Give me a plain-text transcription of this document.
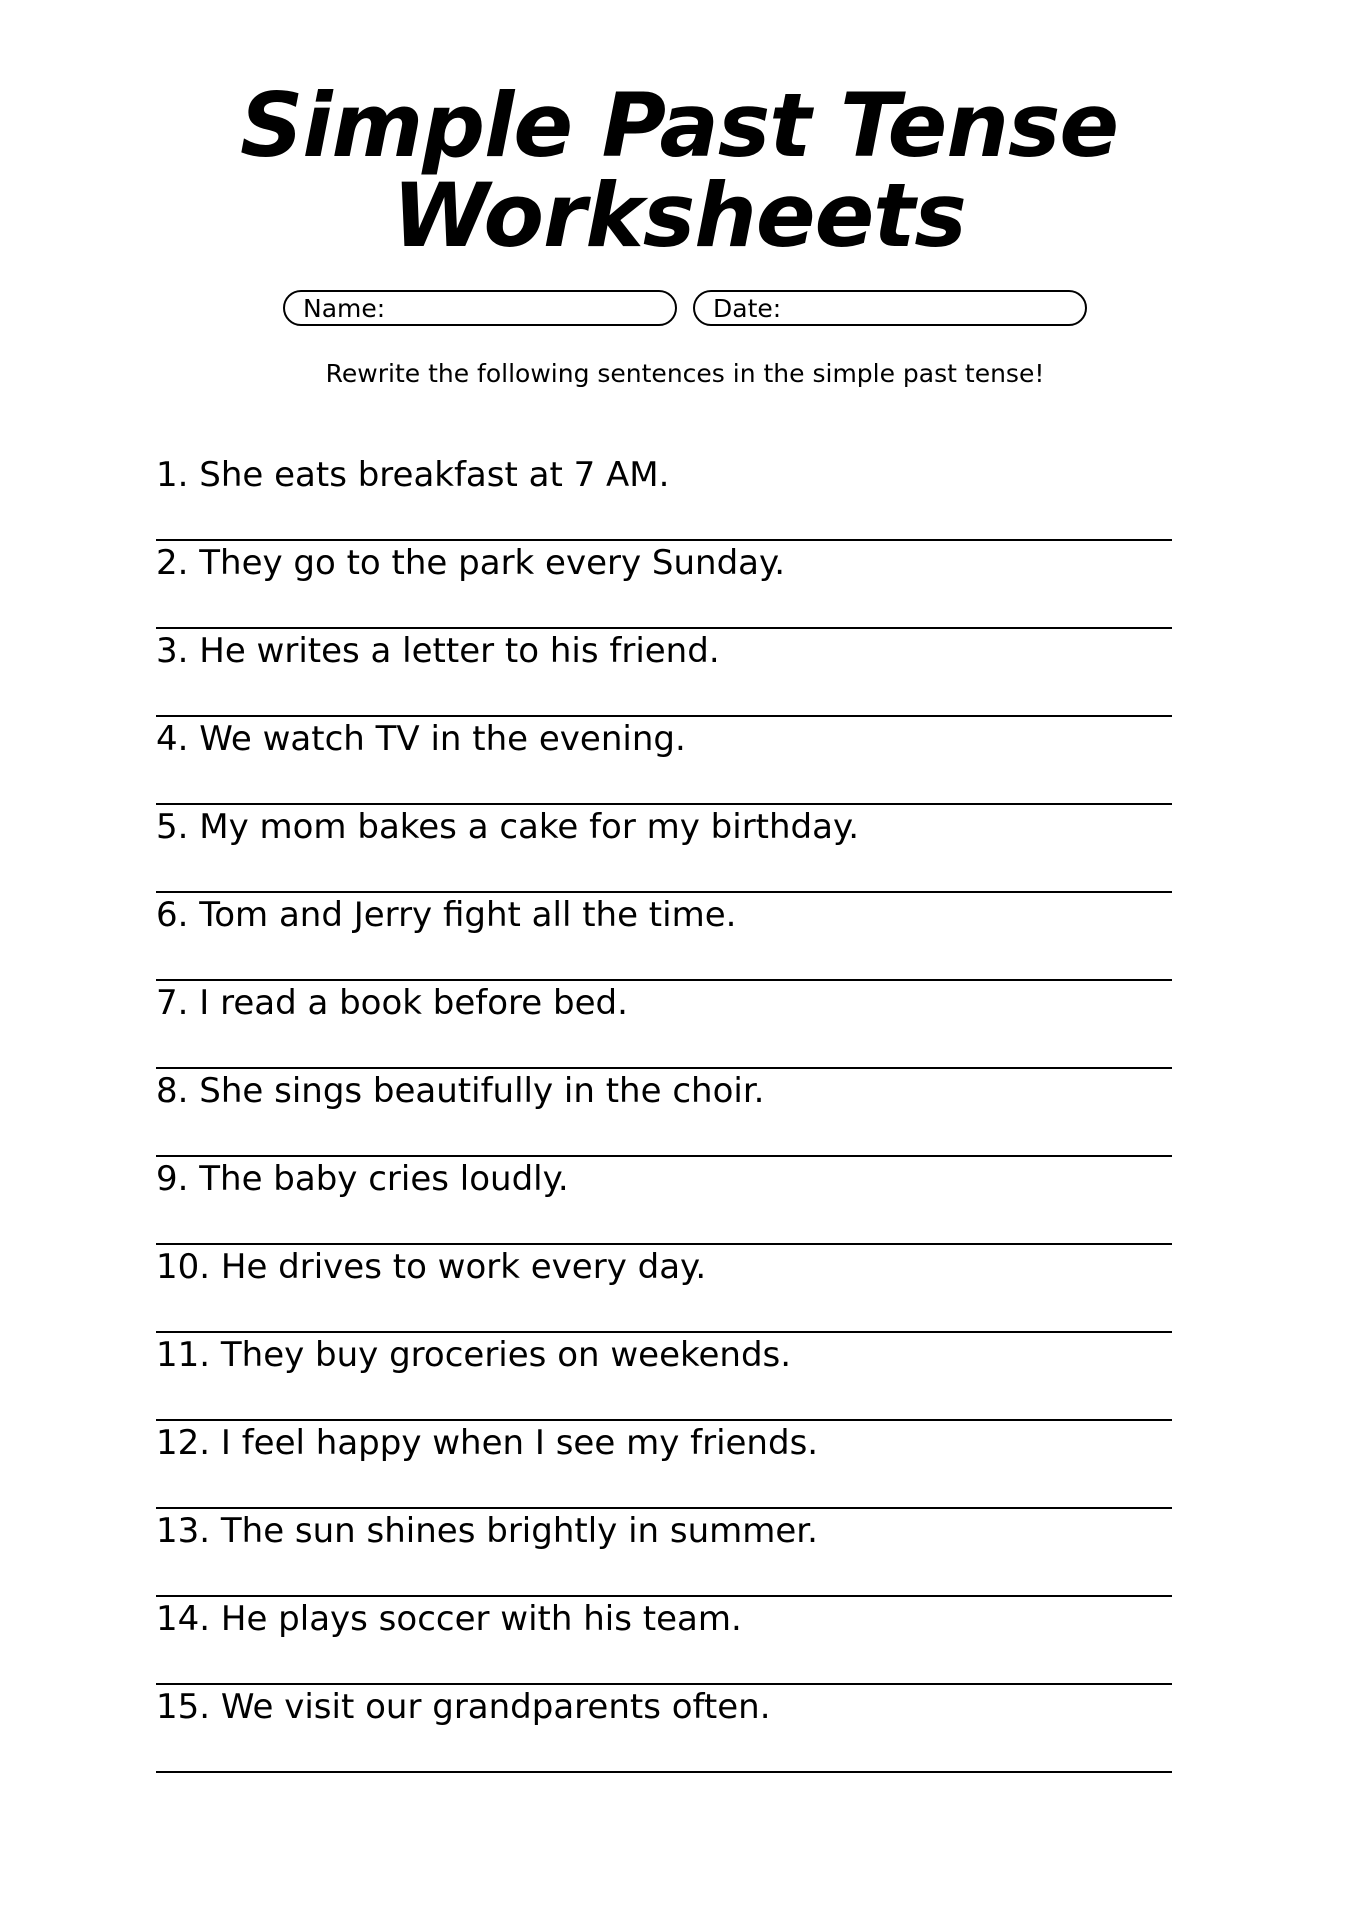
Simple Past Tense
Worksheets
Name:	Date:
Rewrite the following sentences in the simple past tense!
1. She eats breakfast at 7 AM.
2. They go to the park every Sunday.
3. He writes a letter to his friend.
4. We watch TV in the evening.
5. My mom bakes a cake for my birthday.
6. Tom and Jerry fight all the time.
7. I read a book before bed.
8. She sings beautifully in the choir.
9. The baby cries loudly.
10. He drives to work every day.
11. They buy groceries on weekends.
12. I feel happy when I see my friends.
13. The sun shines brightly in summer.
14. He plays soccer with his team.
15. We visit our grandparents often.
